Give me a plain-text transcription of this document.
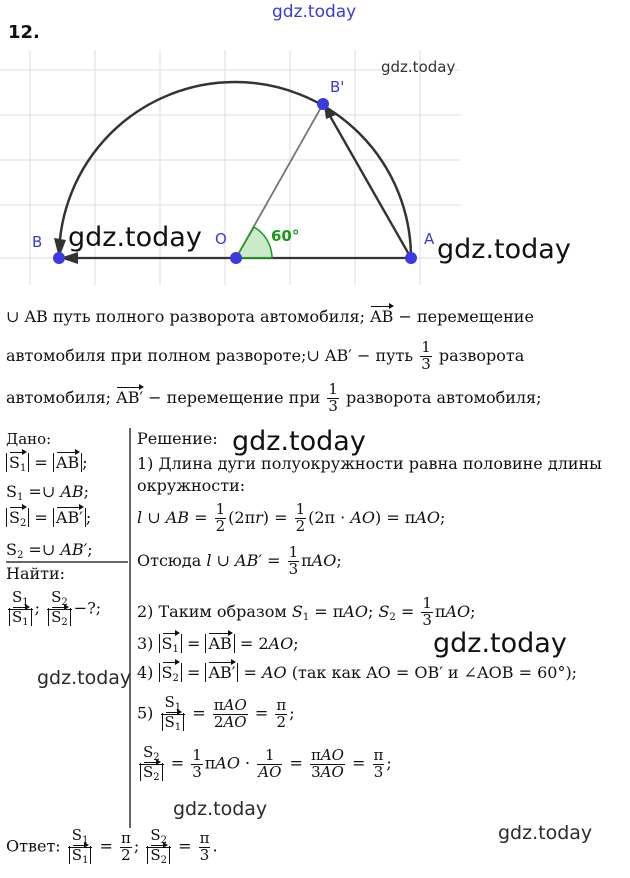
12.
gdz.today
B	O	A
B'
60°
gdz.today
gdz.today	gdz.today
∪ AB путь полного разворота автомобиля; AB − перемещение
автомобиля при полном развороте;∪ AB′ − путь $\frac{1}{3}$ разворота
автомобиля; AB′ − перемещение при $\frac{1}{3}$ разворота автомобиля;
Дано:
$S_1$ = AB ;
$S_1$ =∪ AB;
$S_2 = AB'$ ;
$S_2$ =∪ AB′;
Найти:
$\frac{S_1}{S_1}$ ; $\frac{S_2}{S_2}$ −?;
Решение: gdz.today
1) Длина дуги полуокружности равна половине длины
окружности:
l ∪ AB = $\frac{1}{2} (2\pi r) = \frac{1}{2} (2\pi \cdot AO) = \pi AO$;
Отсюда l ∪ $AB' = \frac{1}{3} \pi AO$;
2) Таким образом $S_1 = \pi AO$; $S_2 = \frac{1}{3} \pi AO$;
3) $S_1$ = AB = 2AO;	gdz.today
gdz.today 4) $S_2 = AB'$ = AO (так как AO = OB′ и ∠AOB = 60°);
$5) \frac{S_1}{S_1} = \frac{\text{πAO}}{2AO} = \frac{\pi}{2}$ ;
$\frac{S_2}{S_2} = \frac{1}{3}$ $\pi AO \cdot \frac{1}{AO} = \frac{\text{πAO}}{3AO} = \frac{\pi}{3}$ ;
gdz.today
gdz.today
Ответ: $\frac{S_1}{S_1} = \frac{\pi}{2}$ ; $\frac{S_2}{S_2} = \frac{\pi}{3}$ .
